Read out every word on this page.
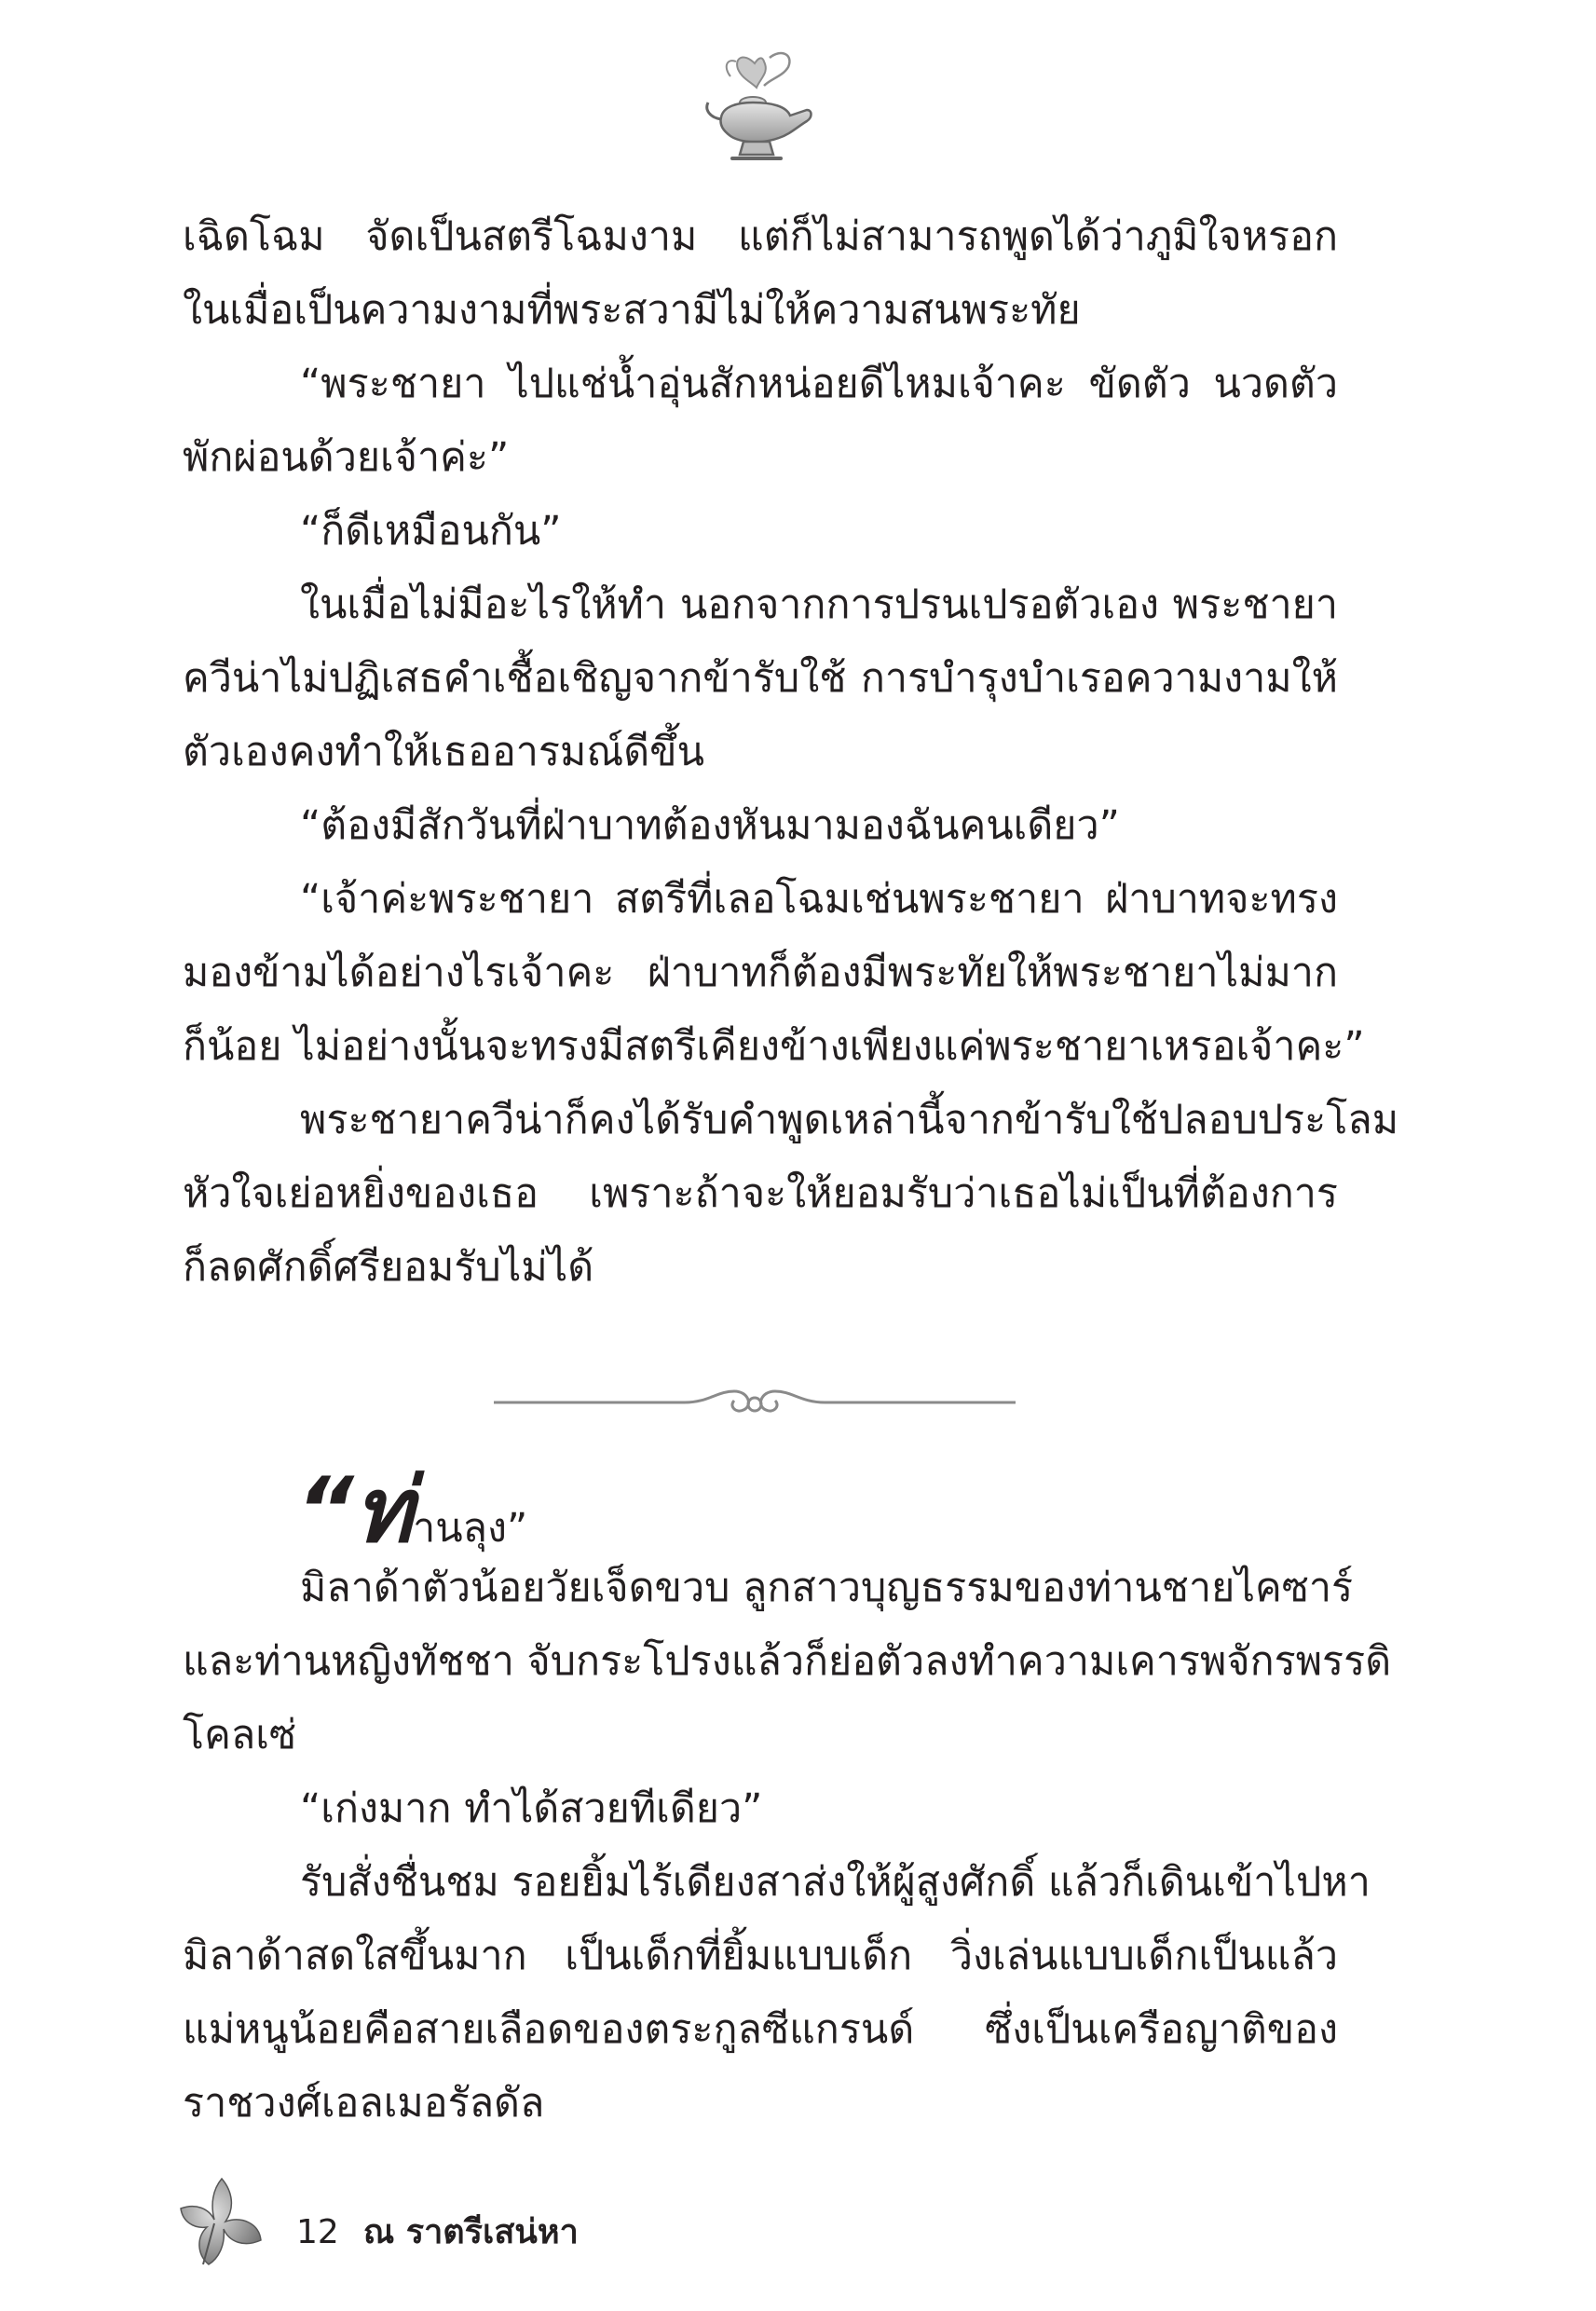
เฉิดโฉม จัดเป็นสตรีโฉมงาม แต่ก็ไม่สามารถพูดได้ว่าภูมิใจหรอก
ในเมื่อเป็นความงามที่พระสวามีไม่ให้ความสนพระทัย
“พระชายา ไปแช่น้ำอุ่นสักหน่อยดีไหมเจ้าคะ ขัดตัว นวดตัว
พักผ่อนด้วยเจ้าค่ะ”
“ก็ดีเหมือนกัน”
ในเมื่อไม่มีอะไรให้ทำ นอกจากการปรนเปรอตัวเอง พระชายา
ควีน่าไม่ปฏิเสธคำเชื้อเชิญจากข้ารับใช้ การบำรุงบำเรอความงามให้
ตัวเองคงทำให้เธออารมณ์ดีขึ้น
“ต้องมีสักวันที่ฝ่าบาทต้องหันมามองฉันคนเดียว”
“เจ้าค่ะพระชายา สตรีที่เลอโฉมเช่นพระชายา ฝ่าบาทจะทรง
มองข้ามได้อย่างไรเจ้าคะ ฝ่าบาทก็ต้องมีพระทัยให้พระชายาไม่มาก
ก็น้อย ไม่อย่างนั้นจะทรงมีสตรีเคียงข้างเพียงแค่พระชายาเหรอเจ้าคะ”
พระชายาควีน่าก็คงได้รับคำพูดเหล่านี้จากข้ารับใช้ปลอบประโลม
หัวใจเย่อหยิ่งของเธอ เพราะถ้าจะให้ยอมรับว่าเธอไม่เป็นที่ต้องการ
ก็ลดศักดิ์ศรียอมรับไม่ได้
“ท่านลุง”
มิลาด้าตัวน้อยวัยเจ็ดขวบ ลูกสาวบุญธรรมของท่านชายไคซาร์
และท่านหญิงทัชชา จับกระโปรงแล้วก็ย่อตัวลงทำความเคารพจักรพรรดิ
โคลเซ่
“เก่งมาก ทำได้สวยทีเดียว”
รับสั่งชื่นชม รอยยิ้มไร้เดียงสาส่งให้ผู้สูงศักดิ์ แล้วก็เดินเข้าไปหา
มิลาด้าสดใสขึ้นมาก เป็นเด็กที่ยิ้มแบบเด็ก วิ่งเล่นแบบเด็กเป็นแล้ว
แม่หนูน้อยคือสายเลือดของตระกูลซีแกรนด์ ซึ่งเป็นเครือญาติของ
ราชวงศ์เอลเมอรัลดัล
12 ณ ราตรีเสน่หา
